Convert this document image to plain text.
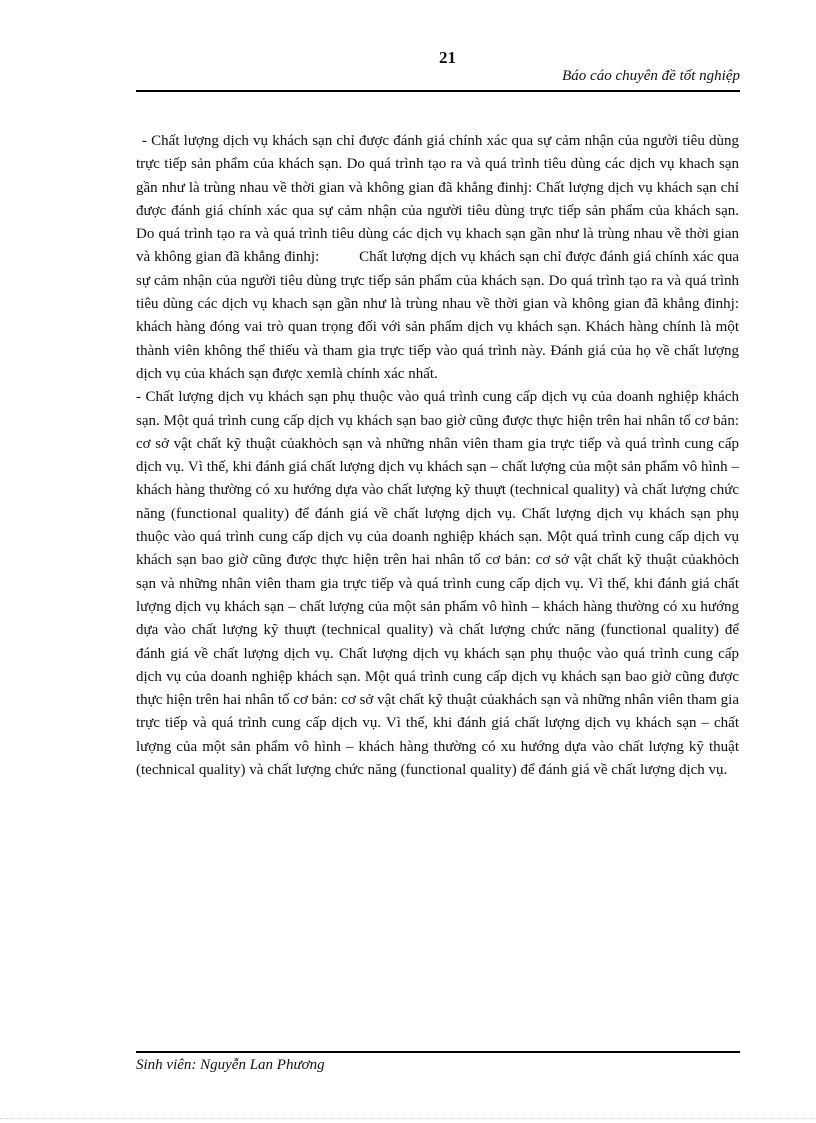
21
Báo cáo chuyên đề tốt nghiệp

- Chất lượng dịch vụ khách sạn chỉ được đánh giá chính xác qua sự cảm nhận của người tiêu dùng trực tiếp sản phẩm của khách sạn. Do quá trình tạo ra và quá trình tiêu dùng các dịch vụ khach sạn gần như là trùng nhau về thời gian và không gian đã khẳng đinhj: Chất lượng dịch vụ khách sạn chỉ được đánh giá chính xác qua sự cảm nhận của người tiêu dùng trực tiếp sản phẩm của khách sạn. Do quá trình tạo ra và quá trình tiêu dùng các dịch vụ khach sạn gần như là trùng nhau về thời gian và không gian đã khẳng đinhj:          Chất lượng dịch vụ khách sạn chỉ được đánh giá chính xác qua sự cảm nhận của người tiêu dùng trực tiếp sản phẩm của khách sạn. Do quá trình tạo ra và quá trình tiêu dùng các dịch vụ khach sạn gần như là trùng nhau về thời gian và không gian đã khẳng đinhj: khách hàng đóng vai trò quan trọng đối với sản phẩm dịch vụ khách sạn. Khách hàng chính là một thành viên không thể thiếu và tham gia trực tiếp vào quá trình này. Đánh giá của họ về chất lượng dịch vụ của khách sạn được xemlà chính xác nhất.

- Chất lượng dịch vụ khách sạn phụ thuộc vào quá trình cung cấp dịch vụ của doanh nghiệp khách sạn. Một quá trình cung cấp dịch vụ khách sạn bao giờ cũng được thực hiện trên hai nhân tố cơ bản: cơ sở vật chất kỹ thuật củakhỏch sạn và những nhân viên tham gia trực tiếp và quá trình cung cấp dịch vụ. Vì thế, khi đánh giá chất lượng dịch vụ khách sạn – chất lượng của một sản phẩm vô hình – khách hàng thường có xu hướng dựa vào chất lượng kỹ thuựt (technical quality) và chất lượng chức năng (functional quality) để đánh giá về chất lượng dịch vụ. Chất lượng dịch vụ khách sạn phụ thuộc vào quá trình cung cấp dịch vụ của doanh nghiệp khách sạn. Một quá trình cung cấp dịch vụ khách sạn bao giờ cũng được thực hiện trên hai nhân tố cơ bản: cơ sở vật chất kỹ thuật củakhỏch sạn và những nhân viên tham gia trực tiếp và quá trình cung cấp dịch vụ. Vì thế, khi đánh giá chất lượng dịch vụ khách sạn – chất lượng của một sản phẩm vô hình – khách hàng thường có xu hướng dựa vào chất lượng kỹ thuựt (technical quality) và chất lượng chức năng (functional quality) để đánh giá về chất lượng dịch vụ. Chất lượng dịch vụ khách sạn phụ thuộc vào quá trình cung cấp dịch vụ của doanh nghiệp khách sạn. Một quá trình cung cấp dịch vụ khách sạn bao giờ cũng được thực hiện trên hai nhân tố cơ bản: cơ sở vật chất kỹ thuật củakhách sạn và những nhân viên tham gia trực tiếp và quá trình cung cấp dịch vụ. Vì thế, khi đánh giá chất lượng dịch vụ khách sạn – chất lượng của một sản phẩm vô hình – khách hàng thường có xu hướng dựa vào chất lượng kỹ thuật (technical quality) và chất lượng chức năng (functional quality) để đánh giá về chất lượng dịch vụ.

Sinh viên: Nguyễn Lan Phương
